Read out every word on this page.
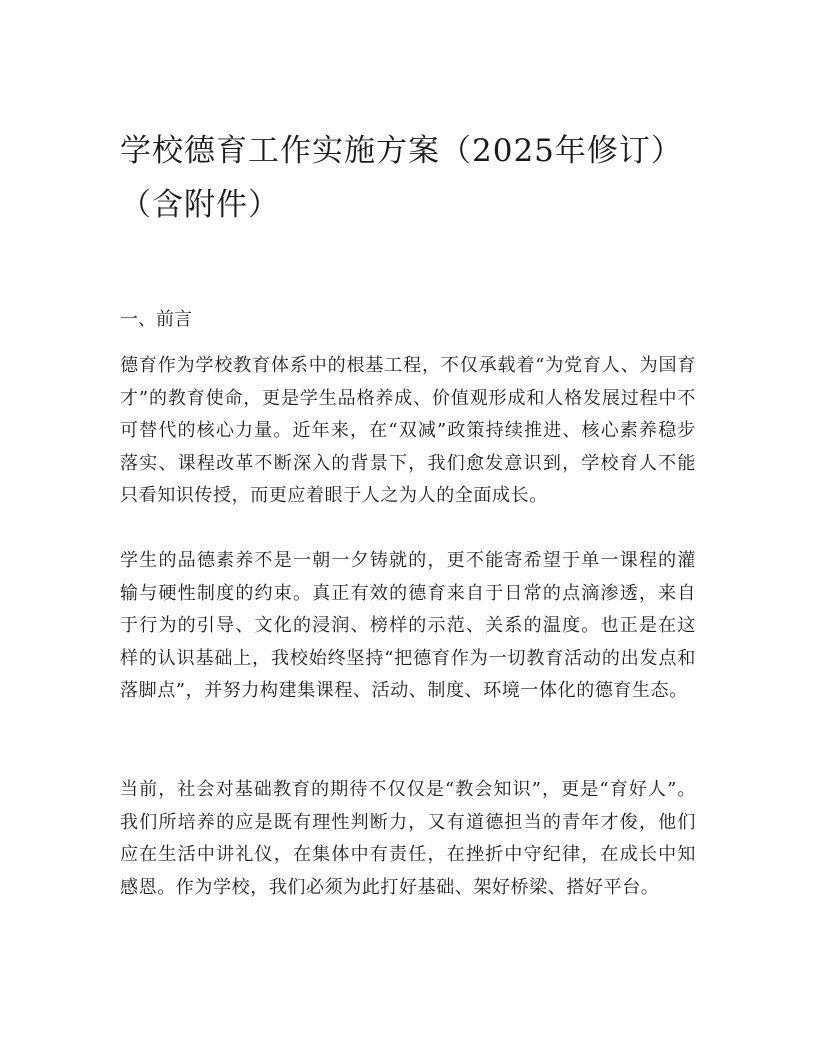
学校德育工作实施方案（2025年修订）（含附件）
一、前言

德育作为学校教育体系中的根基工程，不仅承载着“为党育人、为国育才”的教育使命，更是学生品格养成、价值观形成和人格发展过程中不可替代的核心力量。近年来，在“双减”政策持续推进、核心素养稳步落实、课程改革不断深入的背景下，我们愈发意识到，学校育人不能只看知识传授，而更应着眼于人之为人的全面成长。

学生的品德素养不是一朝一夕铸就的，更不能寄希望于单一课程的灌输与硬性制度的约束。真正有效的德育来自于日常的点滴渗透，来自于行为的引导、文化的浸润、榜样的示范、关系的温度。也正是在这样的认识基础上，我校始终坚持“把德育作为一切教育活动的出发点和落脚点”，并努力构建集课程、活动、制度、环境一体化的德育生态。

当前，社会对基础教育的期待不仅仅是“教会知识”，更是“育好人”。我们所培养的应是既有理性判断力，又有道德担当的青年才俊，他们应在生活中讲礼仪，在集体中有责任，在挫折中守纪律，在成长中知感恩。作为学校，我们必须为此打好基础、架好桥梁、搭好平台。
